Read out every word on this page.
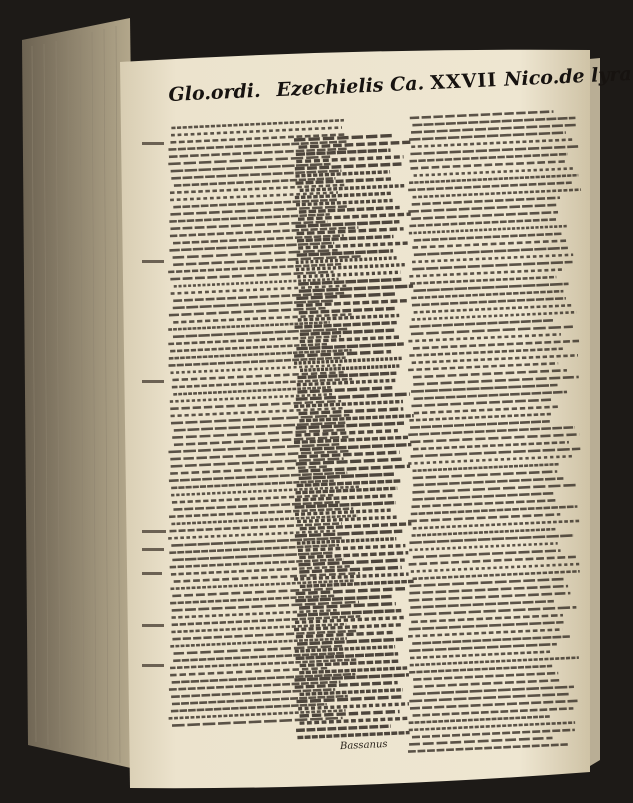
Glo.ordi. Ezechielis Ca. XXVII Nico.de lyra
Bassanus
